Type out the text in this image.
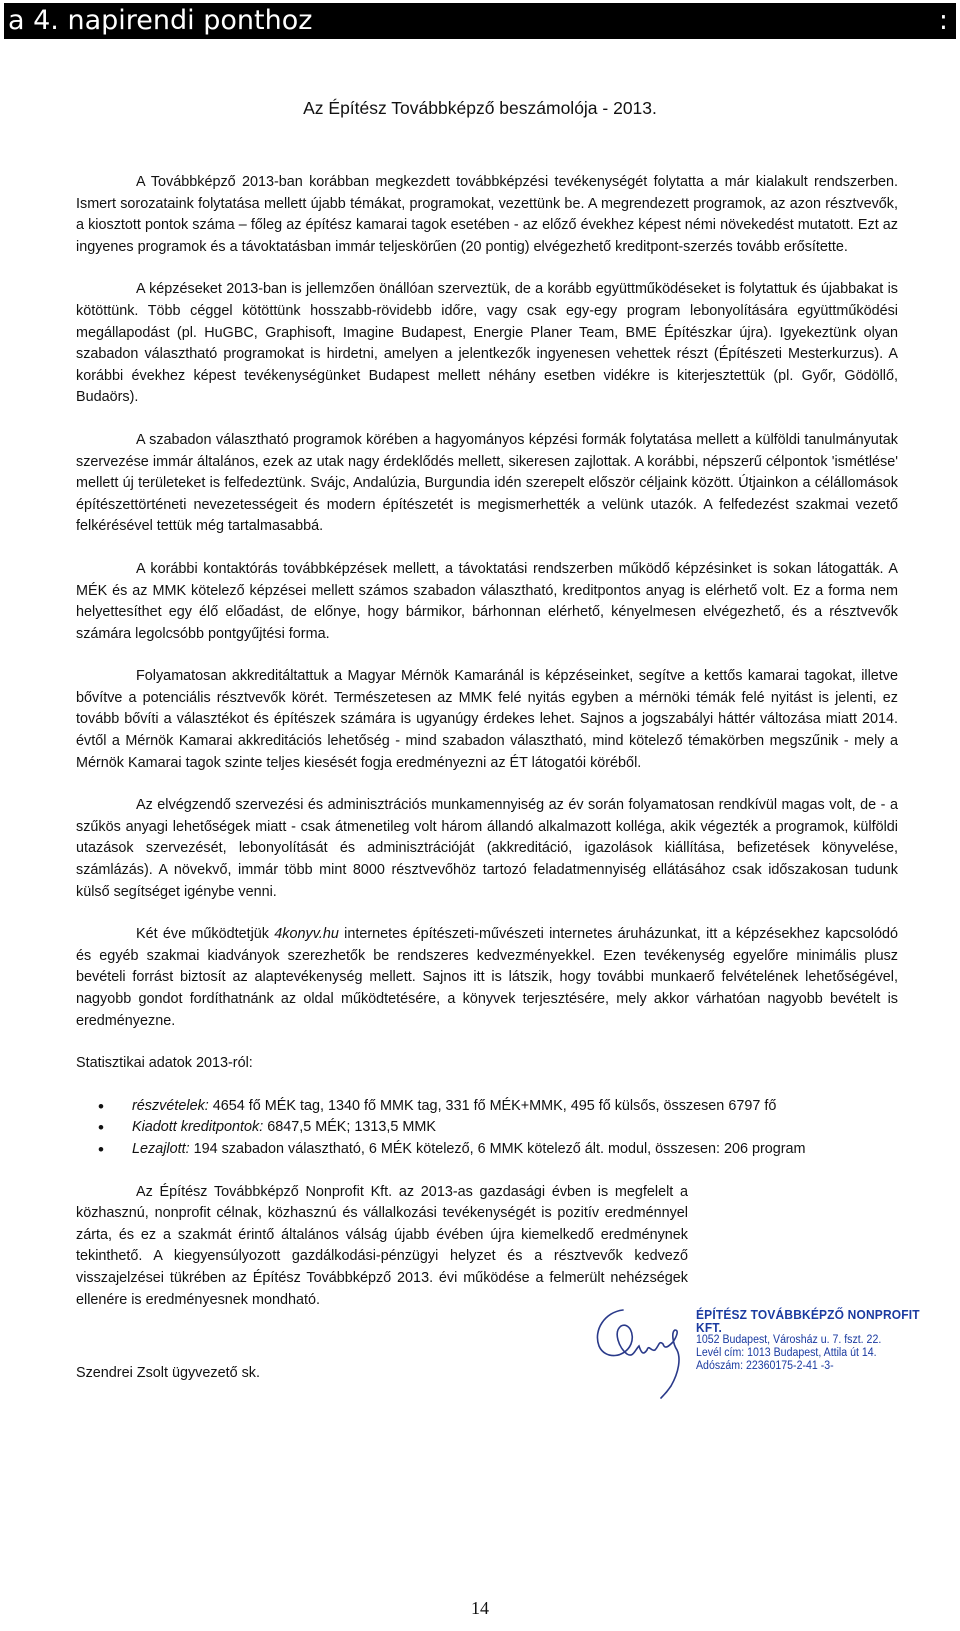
a 4. napirendi ponthoz	:
Az Építész Továbbképző beszámolója - 2013.

A Továbbképző 2013-ban korábban megkezdett továbbképzési tevékenységét folytatta a már kialakult rendszerben. Ismert sorozataink folytatása mellett újabb témákat, programokat, vezettünk be. A megrendezett programok, az azon résztvevők, a kiosztott pontok száma – főleg az építész kamarai tagok esetében - az előző évekhez képest némi növekedést mutatott. Ezt az ingyenes programok és a távoktatásban immár teljeskörűen (20 pontig) elvégezhető kreditpont-szerzés tovább erősítette.

A képzéseket 2013-ban is jellemzően önállóan szerveztük, de a korább együttműködéseket is folytattuk és újabbakat is kötöttünk. Több céggel kötöttünk hosszabb-rövidebb időre, vagy csak egy-egy program lebonyolítására együttműködési megállapodást (pl. HuGBC, Graphisoft, Imagine Budapest, Energie Planer Team, BME Építészkar újra). Igyekeztünk olyan szabadon választható programokat is hirdetni, amelyen a jelentkezők ingyenesen vehettek részt (Építészeti Mesterkurzus). A korábbi évekhez képest tevékenységünket Budapest mellett néhány esetben vidékre is kiterjesztettük (pl. Győr, Gödöllő, Budaörs).

A szabadon választható programok körében a hagyományos képzési formák folytatása mellett a külföldi tanulmányutak szervezése immár általános, ezek az utak nagy érdeklődés mellett, sikeresen zajlottak. A korábbi, népszerű célpontok 'ismétlése' mellett új területeket is felfedeztünk. Svájc, Andalúzia, Burgundia idén szerepelt először céljaink között. Útjainkon a célállomások építészettörténeti nevezetességeit és modern építészetét is megismerhették a velünk utazók. A felfedezést szakmai vezető felkérésével tettük még tartalmasabbá.

A korábbi kontaktórás továbbképzések mellett, a távoktatási rendszerben működő képzésinket is sokan látogatták. A MÉK és az MMK kötelező képzései mellett számos szabadon választható, kreditpontos anyag is elérhető volt. Ez a forma nem helyettesíthet egy élő előadást, de előnye, hogy bármikor, bárhonnan elérhető, kényelmesen elvégezhető, és a résztvevők számára legolcsóbb pontgyűjtési forma.

Folyamatosan akkreditáltattuk a Magyar Mérnök Kamaránál is képzéseinket, segítve a kettős kamarai tagokat, illetve bővítve a potenciális résztvevők körét. Természetesen az MMK felé nyitás egyben a mérnöki témák felé nyitást is jelenti, ez tovább bővíti a választékot és építészek számára is ugyanúgy érdekes lehet. Sajnos a jogszabályi háttér változása miatt 2014. évtől a Mérnök Kamarai akkreditációs lehetőség - mind szabadon választható, mind kötelező témakörben megszűnik - mely a Mérnök Kamarai tagok szinte teljes kiesését fogja eredményezni az ÉT látogatói köréből.

Az elvégzendő szervezési és adminisztrációs munkamennyiség az év során folyamatosan rendkívül magas volt, de - a szűkös anyagi lehetőségek miatt - csak átmenetileg volt három állandó alkalmazott kolléga, akik végezték a programok, külföldi utazások szervezését, lebonyolítását és adminisztrációját (akkreditáció, igazolások kiállítása, befizetések könyvelése, számlázás). A növekvő, immár több mint 8000 résztvevőhöz tartozó feladatmennyiség ellátásához csak időszakosan tudunk külső segítséget igénybe venni.

Két éve működtetjük 4konyv.hu internetes építészeti-művészeti internetes áruházunkat, itt a képzésekhez kapcsolódó és egyéb szakmai kiadványok szerezhetők be rendszeres kedvezményekkel. Ezen tevékenység egyelőre minimális plusz bevételi forrást biztosít az alaptevékenység mellett. Sajnos itt is látszik, hogy további munkaerő felvételének lehetőségével, nagyobb gondot fordíthatnánk az oldal működtetésére, a könyvek terjesztésére, mely akkor várhatóan nagyobb bevételt is eredményezne.

Statisztikai adatok 2013-ról:

• részvételek: 4654 fő MÉK tag, 1340 fő MMK tag, 331 fő MÉK+MMK, 495 fő külsős, összesen 6797 fő
• Kiadott kreditpontok: 6847,5 MÉK; 1313,5 MMK
• Lezajlott: 194 szabadon választható, 6 MÉK kötelező, 6 MMK kötelező ált. modul, összesen: 206 program

Az Építész Továbbképző Nonprofit Kft. az 2013-as gazdasági évben is megfelelt a közhasznú, nonprofit célnak, közhasznú és vállalkozási tevékenységét is pozitív eredménnyel zárta, és ez a szakmát érintő általános válság újabb évében újra kiemelkedő eredménynek tekinthető. A kiegyensúlyozott gazdálkodási-pénzügyi helyzet és a résztvevők kedvező visszajelzései tükrében az Építész Továbbképző 2013. évi működése a felmerült nehézségek ellenére is eredményesnek mondható.

Szendrei Zsolt ügyvezető sk.
ÉPÍTÉSZ TOVÁBBKÉPZŐ NONPROFIT KFT.
1052 Budapest, Városház u. 7. fszt. 22.
Levél cím: 1013 Budapest, Attila út 14.
Adószám: 22360175-2-41 -3-
14
